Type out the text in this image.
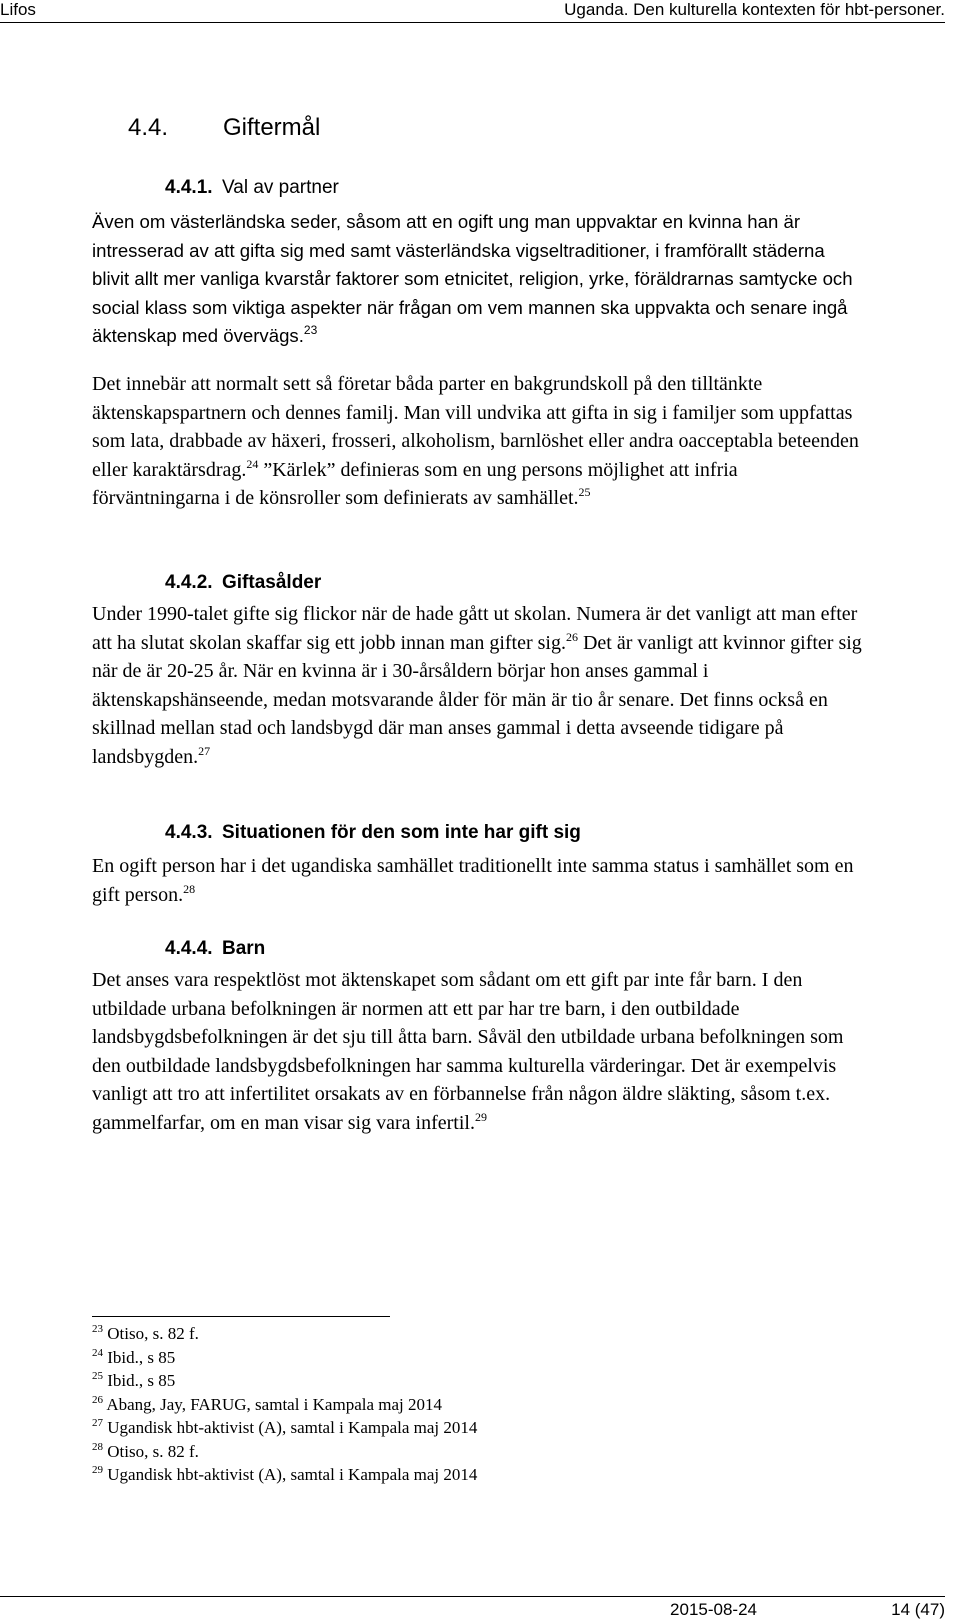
Lifos	Uganda. Den kulturella kontexten för hbt-personer.
4.4. Giftermål
4.4.1. Val av partner
Även om västerländska seder, såsom att en ogift ung man uppvaktar en kvinna han är intresserad av att gifta sig med samt västerländska vigseltraditioner, i framförallt städerna blivit allt mer vanliga kvarstår faktorer som etnicitet, religion, yrke, föräldrarnas samtycke och social klass som viktiga aspekter när frågan om vem mannen ska uppvakta och senare ingå äktenskap med övervägs.$^{23}$
Det innebär att normalt sett så företar båda parter en bakgrundskoll på den tilltänkte äktenskapspartnern och dennes familj. Man vill undvika att gifta in sig i familjer som uppfattas som lata, drabbade av häxeri, frosseri, alkoholism, barnlöshet eller andra oacceptabla beteenden eller karaktärsdrag.$^{24}$ ”Kärlek” definieras som en ung persons möjlighet att infria förväntningarna i de könsroller som definierats av samhället.$^{25}$
4.4.2. Giftasålder
Under 1990-talet gifte sig flickor när de hade gått ut skolan. Numera är det vanligt att man efter att ha slutat skolan skaffar sig ett jobb innan man gifter sig.$^{26}$ Det är vanligt att kvinnor gifter sig när de är 20-25 år. När en kvinna är i 30-årsåldern börjar hon anses gammal i äktenskapshänseende, medan motsvarande ålder för män är tio år senare. Det finns också en skillnad mellan stad och landsbygd där man anses gammal i detta avseende tidigare på landsbygden.$^{27}$
4.4.3. Situationen för den som inte har gift sig
En ogift person har i det ugandiska samhället traditionellt inte samma status i samhället som en gift person.$^{28}$
4.4.4. Barn
Det anses vara respektlöst mot äktenskapet som sådant om ett gift par inte får barn. I den utbildade urbana befolkningen är normen att ett par har tre barn, i den outbildade landsbygdsbefolkningen är det sju till åtta barn. Såväl den utbildade urbana befolkningen som den outbildade landsbygdsbefolkningen har samma kulturella värderingar. Det är exempelvis vanligt att tro att infertilitet orsakats av en förbannelse från någon äldre släkting, såsom t.ex. gammelfarfar, om en man visar sig vara infertil.$^{29}$
$^{23}$ Otiso, s. 82 f.
$^{24}$ Ibid., s 85
$^{25}$ Ibid., s 85
$^{26}$ Abang, Jay, FARUG, samtal i Kampala maj 2014
$^{27}$ Ugandisk hbt-aktivist (A), samtal i Kampala maj 2014
$^{28}$ Otiso, s. 82 f.
$^{29}$ Ugandisk hbt-aktivist (A), samtal i Kampala maj 2014
2015-08-24	14 (47)
